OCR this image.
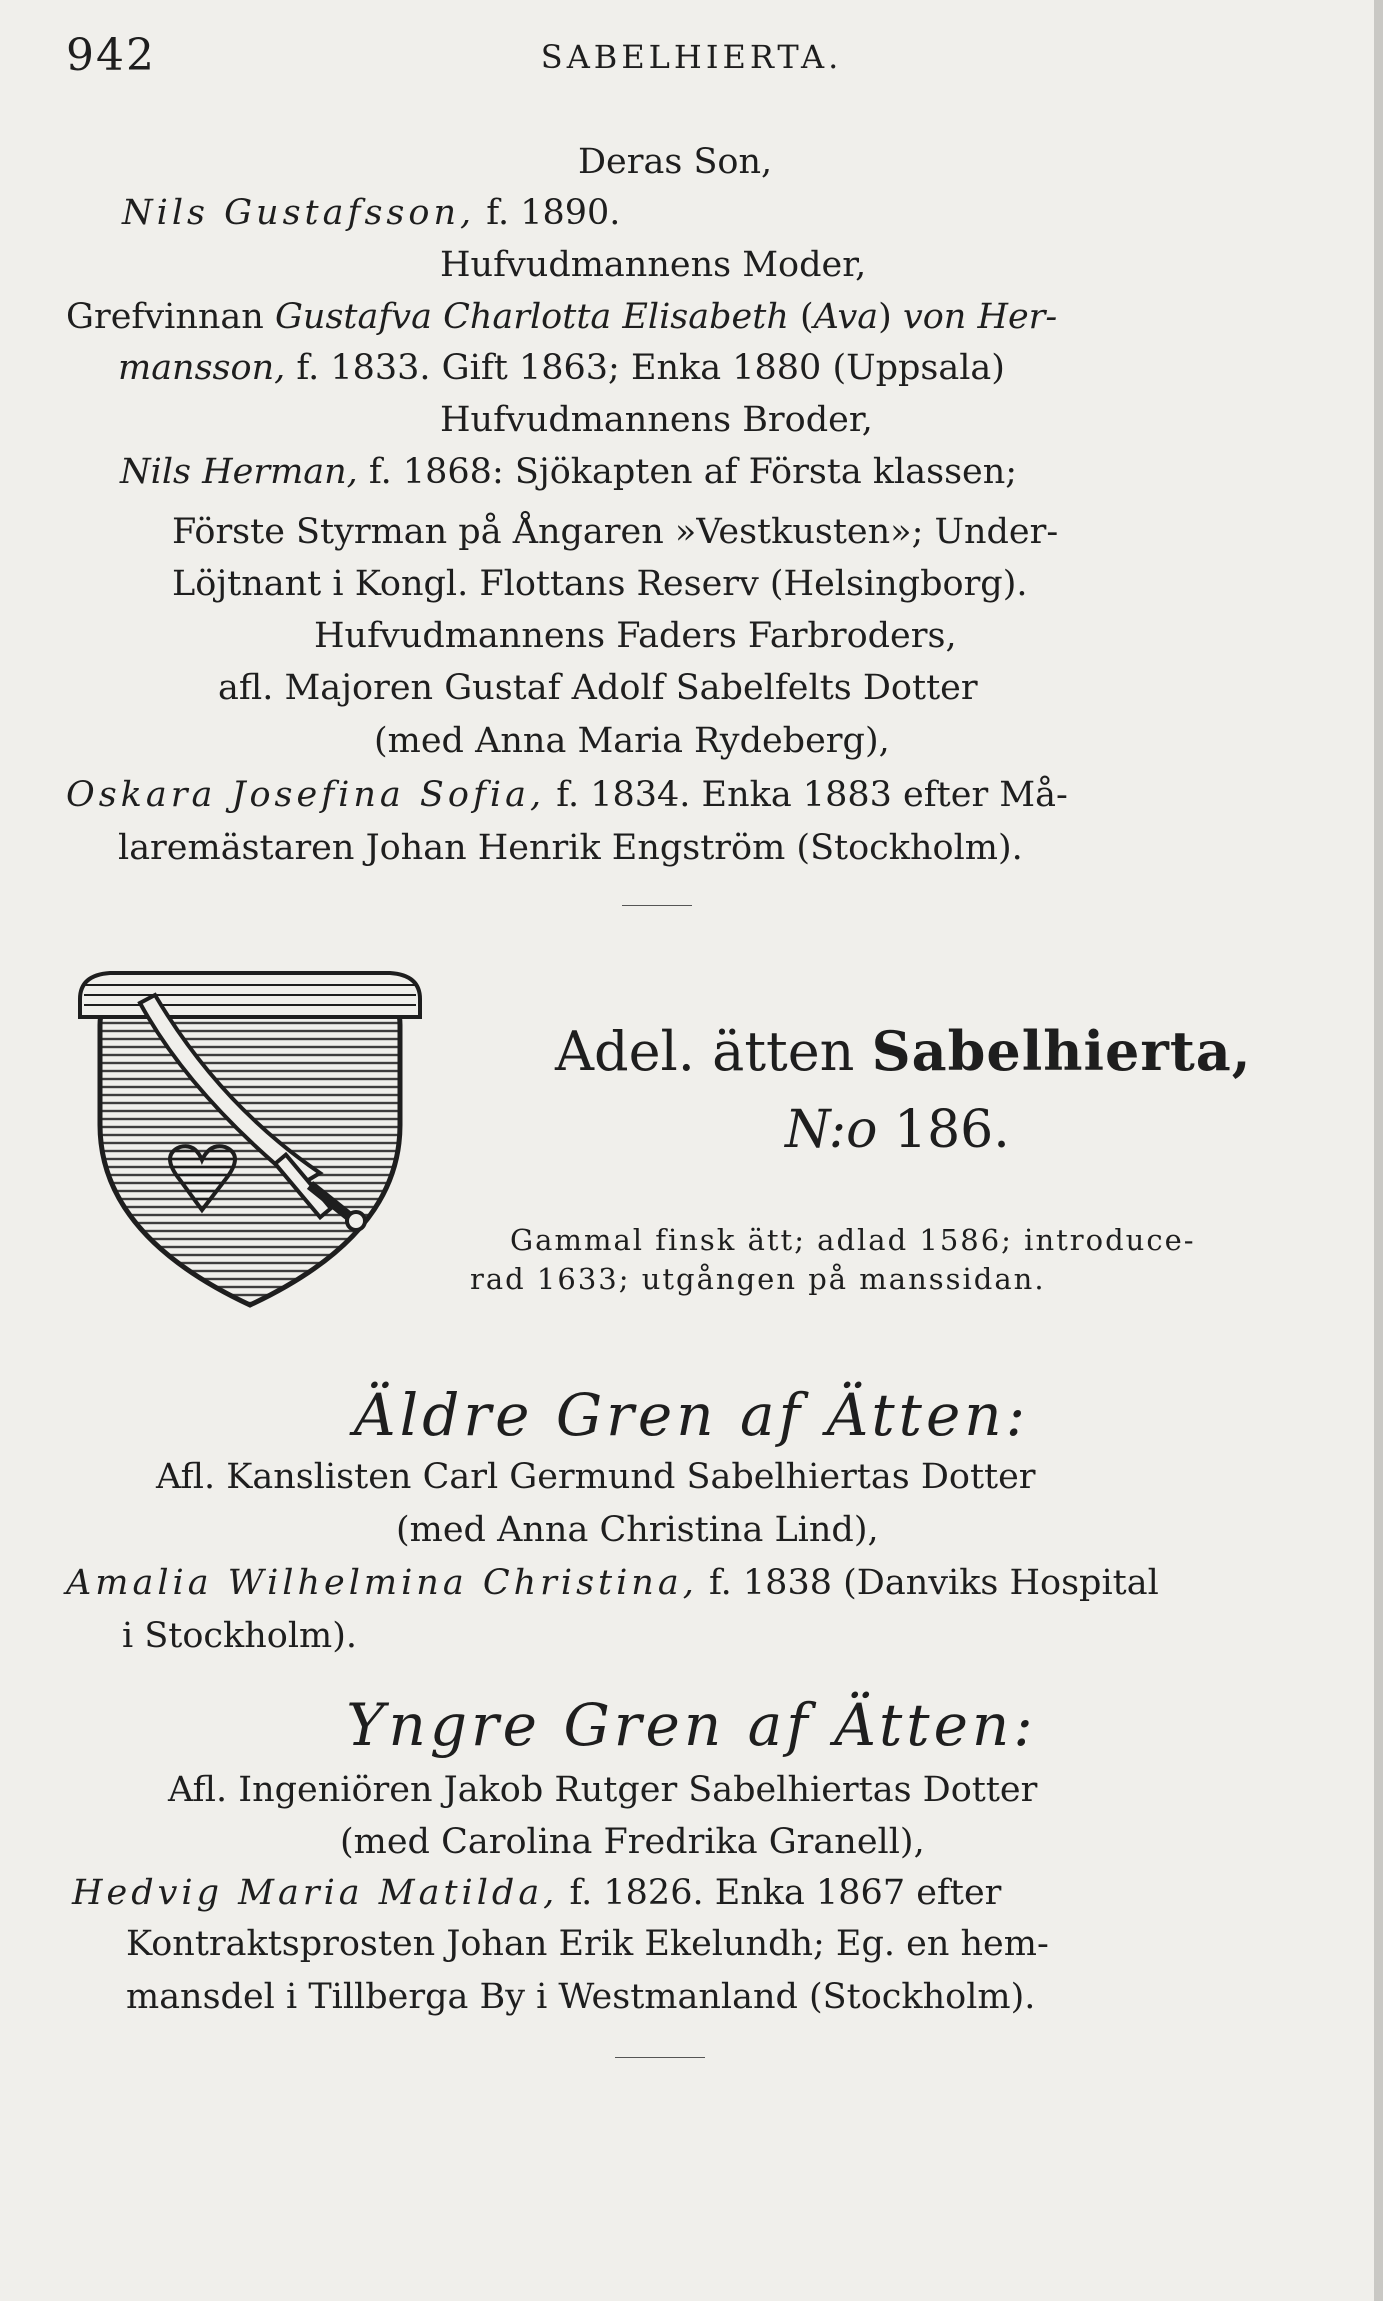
942	SABELHIERTA.
Deras Son,
Nils Gustafsson, f. 1890.
Hufvudmannens Moder,
Grefvinnan Gustafva Charlotta Elisabeth (Ava) von Her-
mansson, f. 1833. Gift 1863; Enka 1880 (Uppsala)
Hufvudmannens Broder,
Nils Herman, f. 1868: Sjökapten af Första klassen;
Förste Styrman på Ångaren »Vestkusten»; Under-
Löjtnant i Kongl. Flottans Reserv (Helsingborg).
Hufvudmannens Faders Farbroders,
afl. Majoren Gustaf Adolf Sabelfelts Dotter
(med Anna Maria Rydeberg),
Oskara Josefina Sofia, f. 1834. Enka 1883 efter Må-
laremästaren Johan Henrik Engström (Stockholm).
Adel. ätten Sabelhierta,
N:o 186.
Gammal finsk ätt; adlad 1586; introduce-
rad 1633; utgången på manssidan.
Äldre Gren af Ätten:
Afl. Kanslisten Carl Germund Sabelhiertas Dotter
(med Anna Christina Lind),
Amalia Wilhelmina Christina, f. 1838 (Danviks Hospital
i Stockholm).
Yngre Gren af Ätten:
Afl. Ingeniören Jakob Rutger Sabelhiertas Dotter
(med Carolina Fredrika Granell),
Hedvig Maria Matilda, f. 1826. Enka 1867 efter
Kontraktsprosten Johan Erik Ekelundh; Eg. en hem-
mansdel i Tillberga By i Westmanland (Stockholm).
